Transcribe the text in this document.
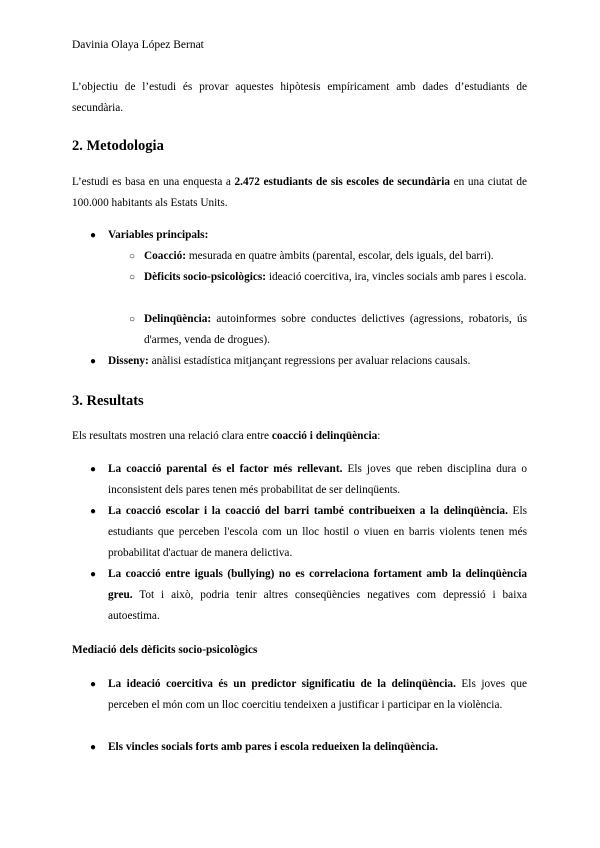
Davinia Olaya López Bernat
L’objectiu de l’estudi és provar aquestes hipòtesis empíricament amb dades d’estudiants de secundària.
2. Metodologia
L’estudi es basa en una enquesta a 2.472 estudiants de sis escoles de secundària en una ciutat de 100.000 habitants als Estats Units.
● Variables principals:
○ Coacció: mesurada en quatre àmbits (parental, escolar, dels iguals, del barri).
○ Dèficits socio-psicològics: ideació coercitiva, ira, vincles socials amb pares i escola.
○ Delinqüència: autoinformes sobre conductes delictives (agressions, robatoris, ús d'armes, venda de drogues).
● Disseny: anàlisi estadística mitjançant regressions per avaluar relacions causals.
3. Resultats
Els resultats mostren una relació clara entre coacció i delinqüència:
● La coacció parental és el factor més rellevant. Els joves que reben disciplina dura o inconsistent dels pares tenen més probabilitat de ser delinqüents.
● La coacció escolar i la coacció del barri també contribueixen a la delinqüència. Els estudiants que perceben l'escola com un lloc hostil o viuen en barris violents tenen més probabilitat d'actuar de manera delictiva.
● La coacció entre iguals (bullying) no es correlaciona fortament amb la delinqüència greu. Tot i això, podria tenir altres conseqüències negatives com depressió i baixa autoestima.
Mediació dels dèficits socio-psicològics
● La ideació coercitiva és un predictor significatiu de la delinqüència. Els joves que perceben el món com un lloc coercitiu tendeixen a justificar i participar en la violència.
● Els vincles socials forts amb pares i escola redueixen la delinqüència.
